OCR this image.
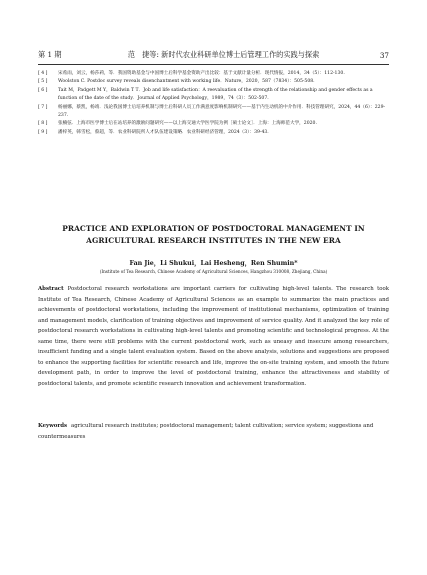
第 1 期	范　捷等: 新时代农业科研单位博士后管理工作的实践与探索	37
[ 4 ]	宋希雨，刘云，杨莎莉，等．我国资助基金与中国博士后科学基金资助产出比较：基于文献计量分析．现代情报，2014，34（5）：112-130.
[ 5 ]	Woolston C. Postdoc survey reveals disenchantment with working life．Nature，2020，587（7834）：505-508.
[ 6 ]	Tait M，Padgett M Y，Baldwin T T．Job and life satisfaction：A reevaluation of the strength of the relationship and gender effects as a function of the date of the study．Journal of Applied Psychology，1989，74（3）：502-507.
[ 7 ]	杨丽娜，蔡凯，杨靖．浅论我国博士后培养机制与博士后科研人员工作满意度影响机制研究——基于内生动机的中介作用．科技管理研究，2024，44（6）：229-237.
[ 8 ]	张楠弦．上海市医学博士后在站培养的激励问题研究——以上海交通大学医学院为例［硕士论文］．上海：上海师范大学，2020.
[ 9 ]	潘梓英，韩雪松，蔡超，等．农业科研院所人才队伍建设策略．农业科研经济管理，2024（3）：39-43.
PRACTICE AND EXPLORATION OF POSTDOCTORAL MANAGEMENT IN
AGRICULTURAL RESEARCH INSTITUTES IN THE NEW ERA
Fan Jie，Li Shukui，Lai Hesheng，Ren Shumin*
(Institute of Tea Research, Chinese Academy of Agricultural Sciences, Hangzhou 310008, Zhejiang, China)
Abstract Postdoctoral research workstations are important carriers for cultivating high-level talents. The research took Institute of Tea Research, Chinese Academy of Agricultural Sciences as an example to summarize the main practices and achievements of postdoctoral workstations, including the improvement of institutional mechanisms, optimization of training and management models, clarification of training objectives and improvement of service quality. And it analyzed the key role of postdoctoral research workstations in cultivating high-level talents and promoting scientific and technological progress. At the same time, there were still problems with the current postdoctoral work, such as uneasy and insecure among researchers, insufficient funding and a single talent evaluation system. Based on the above analysis, solutions and suggestions are proposed to enhance the supporting facilities for scientific research and life, improve the on-site training system, and smooth the future development path, in order to improve the level of postdoctoral training, enhance the attractiveness and stability of postdoctoral talents, and promote scientific research innovation and achievement transformation.
Keywords agricultural research institutes; postdoctoral management; talent cultivation; service system; suggestions and countermeasures
